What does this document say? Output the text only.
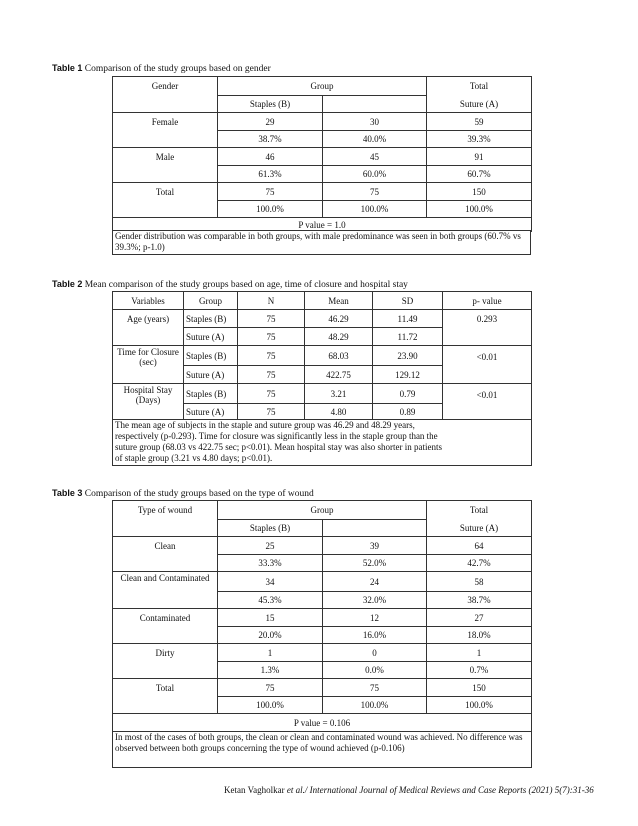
Table 1 Comparison of the study groups based on gender
Gender	Group		Total
	Staples (B)		Suture (A)
Female	29	30	59
	38.7%	40.0%	39.3%
Male	46	45	91
	61.3%	60.0%	60.7%
Total	75	75	150
	100.0%	100.0%	100.0%
P value = 1.0			
Gender distribution was comparable in both groups, with male predominance was seen in both groups (60.7% vs 39.3%; p-1.0)
Table 2 Mean comparison of the study groups based on age, time of closure and hospital stay
Variables	Group	N	Mean	SD	p- value
Age (years)	Staples (B)	75	46.29	11.49	0.293
	Suture (A)	75	48.29	11.72	
Time for Closure (sec)	Staples (B)	75	68.03	23.90	<0.01
	Suture (A)	75	422.75	129.12	
Hospital Stay (Days)	Staples (B)	75	3.21	0.79	<0.01
	Suture (A)	75	4.80	0.89	
The mean age of subjects in the staple and suture group was 46.29 and 48.29 years, respectively (p-0.293). Time for closure was significantly less in the staple group than the suture group (68.03 vs 422.75 sec; p<0.01). Mean hospital stay was also shorter in patients of staple group (3.21 vs 4.80 days; p<0.01).					
Table 3 Comparison of the study groups based on the type of wound
Type of wound	Group		Total
	Staples (B)		Suture (A)
Clean	25	39	64
	33.3%	52.0%	42.7%
Clean and Contaminated	34	24	58
	45.3%	32.0%	38.7%
Contaminated	15	12	27
	20.0%	16.0%	18.0%
Dirty	1	0	1
	1.3%	0.0%	0.7%
Total	75	75	150
	100.0%	100.0%	100.0%
P value = 0.106			
In most of the cases of both groups, the clean or clean and contaminated wound was achieved. No difference was observed between both groups concerning the type of wound achieved (p-0.106)			
Ketan Vagholkar et al./ International Journal of Medical Reviews and Case Reports (2021) 5(7):31-36
